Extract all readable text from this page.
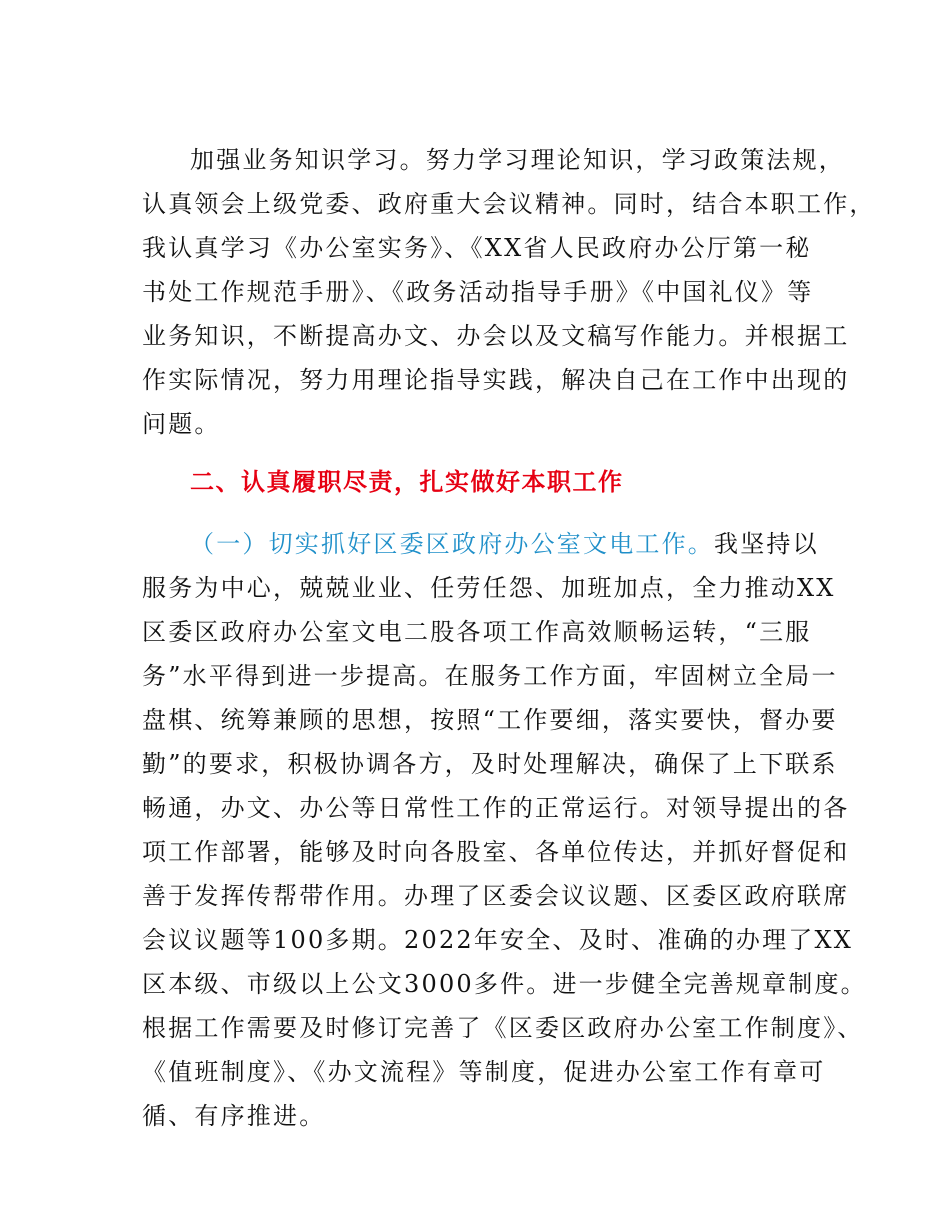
加强业务知识学习。努力学习理论知识，学习政策法规，
认真领会上级党委、政府重大会议精神。同时，结合本职工作，
我认真学习《办公室实务》、《XX省人民政府办公厅第一秘
书处工作规范手册》、《政务活动指导手册》《中国礼仪》等
业务知识，不断提高办文、办会以及文稿写作能力。并根据工
作实际情况，努力用理论指导实践，解决自己在工作中出现的
问题。
二、认真履职尽责，扎实做好本职工作
（一）切实抓好区委区政府办公室文电工作。我坚持以
服务为中心，兢兢业业、任劳任怨、加班加点，全力推动XX
区委区政府办公室文电二股各项工作高效顺畅运转，“三服
务”水平得到进一步提高。在服务工作方面，牢固树立全局一
盘棋、统筹兼顾的思想，按照“工作要细，落实要快，督办要
勤”的要求，积极协调各方，及时处理解决，确保了上下联系
畅通，办文、办公等日常性工作的正常运行。对领导提出的各
项工作部署，能够及时向各股室、各单位传达，并抓好督促和
善于发挥传帮带作用。办理了区委会议议题、区委区政府联席
会议议题等100多期。2022年安全、及时、准确的办理了XX
区本级、市级以上公文3000多件。进一步健全完善规章制度。
根据工作需要及时修订完善了《区委区政府办公室工作制度》、
《值班制度》、《办文流程》等制度，促进办公室工作有章可
循、有序推进。
